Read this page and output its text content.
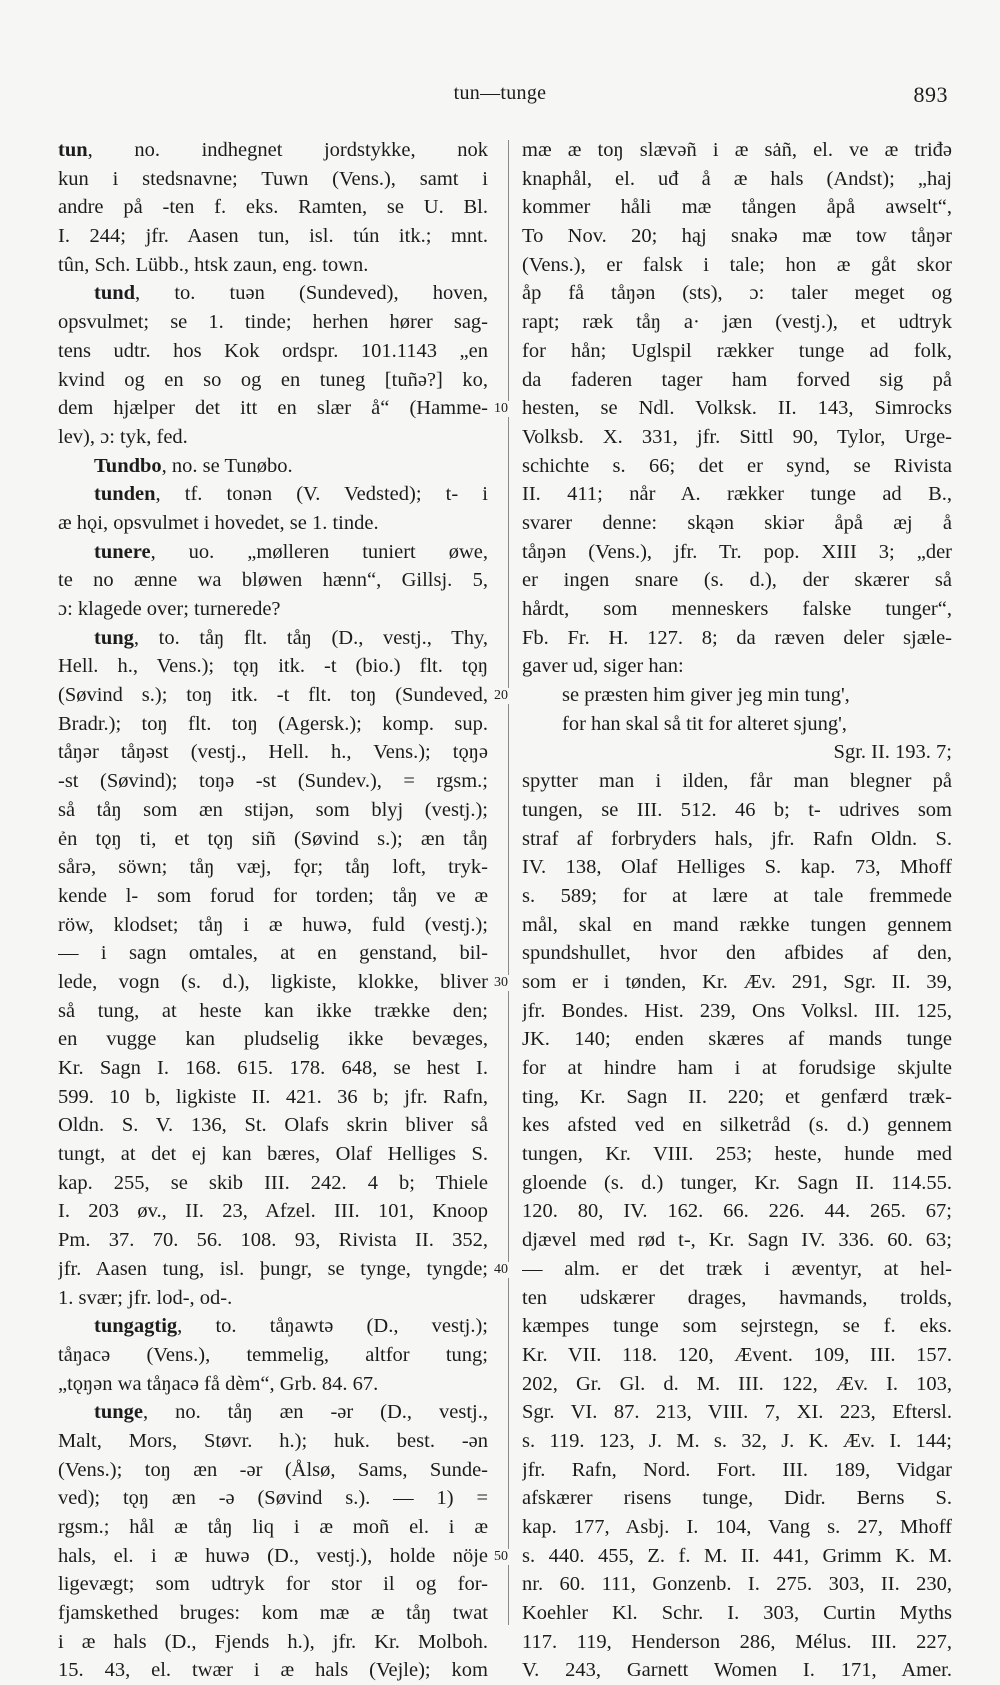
tun—tunge	893
tun, no. indhegnet jordstykke, nok
kun i stedsnavne; Tuwn (Vens.), samt i
andre på -ten f. eks. Ramten, se U. Bl.
I. 244; jfr. Aasen tun, isl. tún itk.; mnt.
tûn, Sch. Lübb., htsk zaun, eng. town.
tund, to. tuən (Sundeved), hoven,
opsvulmet; se 1. tinde; herhen hører sag-
tens udtr. hos Kok ordspr. 101.1143 „en
kvind og en so og en tuneg [tuñə?] ko,
dem hjælper det itt en slær å“ (Hamme-
lev), ɔ: tyk, fed.
Tundbo, no. se Tunøbo.
tunden, tf. tonən (V. Vedsted); t- i
æ hǫi, opsvulmet i hovedet, se 1. tinde.
tunere, uo. „mølleren tuniert øwe,
te no ænne wa bløwen hænn“, Gillsj. 5,
ɔ: klagede over; turnerede?
tung, to. tåŋ flt. tåŋ (D., vestj., Thy,
Hell. h., Vens.); tǫŋ itk. -t (bio.) flt. tǫŋ
(Søvind s.); toŋ itk. -t flt. toŋ (Sundeved,
Bradr.); toŋ flt. toŋ (Agersk.); komp. sup.
tåŋər tåŋəst (vestj., Hell. h., Vens.); tǫŋə
-st (Søvind); toŋə -st (Sundev.), = rgsm.;
så tåŋ som æn stijən, som blyj (vestj.);
ẻn tǫŋ ti, et tǫŋ siñ (Søvind s.); æn tåŋ
sårə, söwn; tåŋ væj, fǫr; tåŋ loft, tryk-
kende l- som forud for torden; tåŋ ve æ
röw, klodset; tåŋ i æ huwə, fuld (vestj.);
— i sagn omtales, at en genstand, bil-
lede, vogn (s. d.), ligkiste, klokke, bliver
så tung, at heste kan ikke trække den;
en vugge kan pludselig ikke bevæges,
Kr. Sagn I. 168. 615. 178. 648, se hest I.
599. 10 b, ligkiste II. 421. 36 b; jfr. Rafn,
Oldn. S. V. 136, St. Olafs skrin bliver så
tungt, at det ej kan bæres, Olaf Helliges S.
kap. 255, se skib III. 242. 4 b; Thiele
I. 203 øv., II. 23, Afzel. III. 101, Knoop
Pm. 37. 70. 56. 108. 93, Rivista II. 352,
jfr. Aasen tung, isl. þungr, se tynge, tyngde;
1. svær; jfr. lod-, od-.
tungagtig, to. tåŋawtə (D., vestj.);
tåŋacə (Vens.), temmelig, altfor tung;
„tǫŋən wa tåŋacə få dèm“, Grb. 84. 67.
tunge, no. tåŋ æn -ər (D., vestj.,
Malt, Mors, Støvr. h.); huk. best. -ən
(Vens.); toŋ æn -ər (Ålsø, Sams, Sunde-
ved); tǫŋ æn -ə (Søvind s.). — 1) =
rgsm.; hål æ tåŋ liq i æ moñ el. i æ
hals, el. i æ huwə (D., vestj.), holde nöje
ligevægt; som udtryk for stor il og for-
fjamskethed bruges: kom mæ æ tåŋ twat
i æ hals (D., Fjends h.), jfr. Kr. Molboh.
15. 43, el. twær i æ hals (Vejle); kom
mæ æ toŋ slævəñ i æ sȧñ, el. ve æ triđə
knaphål, el. uđ å æ hals (Andst); „haj
kommer håli mæ tången åpå awselt“,
To Nov. 20; hąj snakə mæ tow tåŋər
(Vens.), er falsk i tale; hon æ gåt skor
åp få tåŋən (sts), ɔ: taler meget og
rapt; ræk tåŋ a· jæn (vestj.), et udtryk
for hån; Uglspil rækker tunge ad folk,
da faderen tager ham forved sig på
hesten, se Ndl. Volksk. II. 143, Simrocks
Volksb. X. 331, jfr. Sittl 90, Tylor, Urge-
schichte s. 66; det er synd, se Rivista
II. 411; når A. rækker tunge ad B.,
svarer denne: skąən skiər åpå æj å
tåŋən (Vens.), jfr. Tr. pop. XIII 3; „der
er ingen snare (s. d.), der skærer så
hårdt, som menneskers falske tunger“,
Fb. Fr. H. 127. 8; da ræven deler sjæle-
gaver ud, siger han:
se præsten him giver jeg min tung',
for han skal så tit for alteret sjung',
Sgr. II. 193. 7;
spytter man i ilden, får man blegner på
tungen, se III. 512. 46 b; t- udrives som
straf af forbryders hals, jfr. Rafn Oldn. S.
IV. 138, Olaf Helliges S. kap. 73, Mhoff
s. 589; for at lære at tale fremmede
mål, skal en mand række tungen gennem
spundshullet, hvor den afbides af den,
som er i tønden, Kr. Æv. 291, Sgr. II. 39,
jfr. Bondes. Hist. 239, Ons Volksl. III. 125,
JK. 140; enden skæres af mands tunge
for at hindre ham i at forudsige skjulte
ting, Kr. Sagn II. 220; et genfærd træk-
kes afsted ved en silketråd (s. d.) gennem
tungen, Kr. VIII. 253; heste, hunde med
gloende (s. d.) tunger, Kr. Sagn II. 114.55.
120. 80, IV. 162. 66. 226. 44. 265. 67;
djævel med rød t-, Kr. Sagn IV. 336. 60. 63;
— alm. er det træk i æventyr, at hel-
ten udskærer drages, havmands, trolds,
kæmpes tunge som sejrstegn, se f. eks.
Kr. VII. 118. 120, Ævent. 109, III. 157.
202, Gr. Gl. d. M. III. 122, Æv. I. 103,
Sgr. VI. 87. 213, VIII. 7, XI. 223, Eftersl.
s. 119. 123, J. M. s. 32, J. K. Æv. I. 144;
jfr. Rafn, Nord. Fort. III. 189, Vidgar
afskærer risens tunge, Didr. Berns S.
kap. 177, Asbj. I. 104, Vang s. 27, Mhoff
s. 440. 455, Z. f. M. II. 441, Grimm K. M.
nr. 60. 111, Gonzenb. I. 275. 303, II. 230,
Koehler Kl. Schr. I. 303, Curtin Myths
117. 119, Henderson 286, Mélus. III. 227,
V. 243, Garnett Women I. 171, Amer.
10
20
30
40
50
